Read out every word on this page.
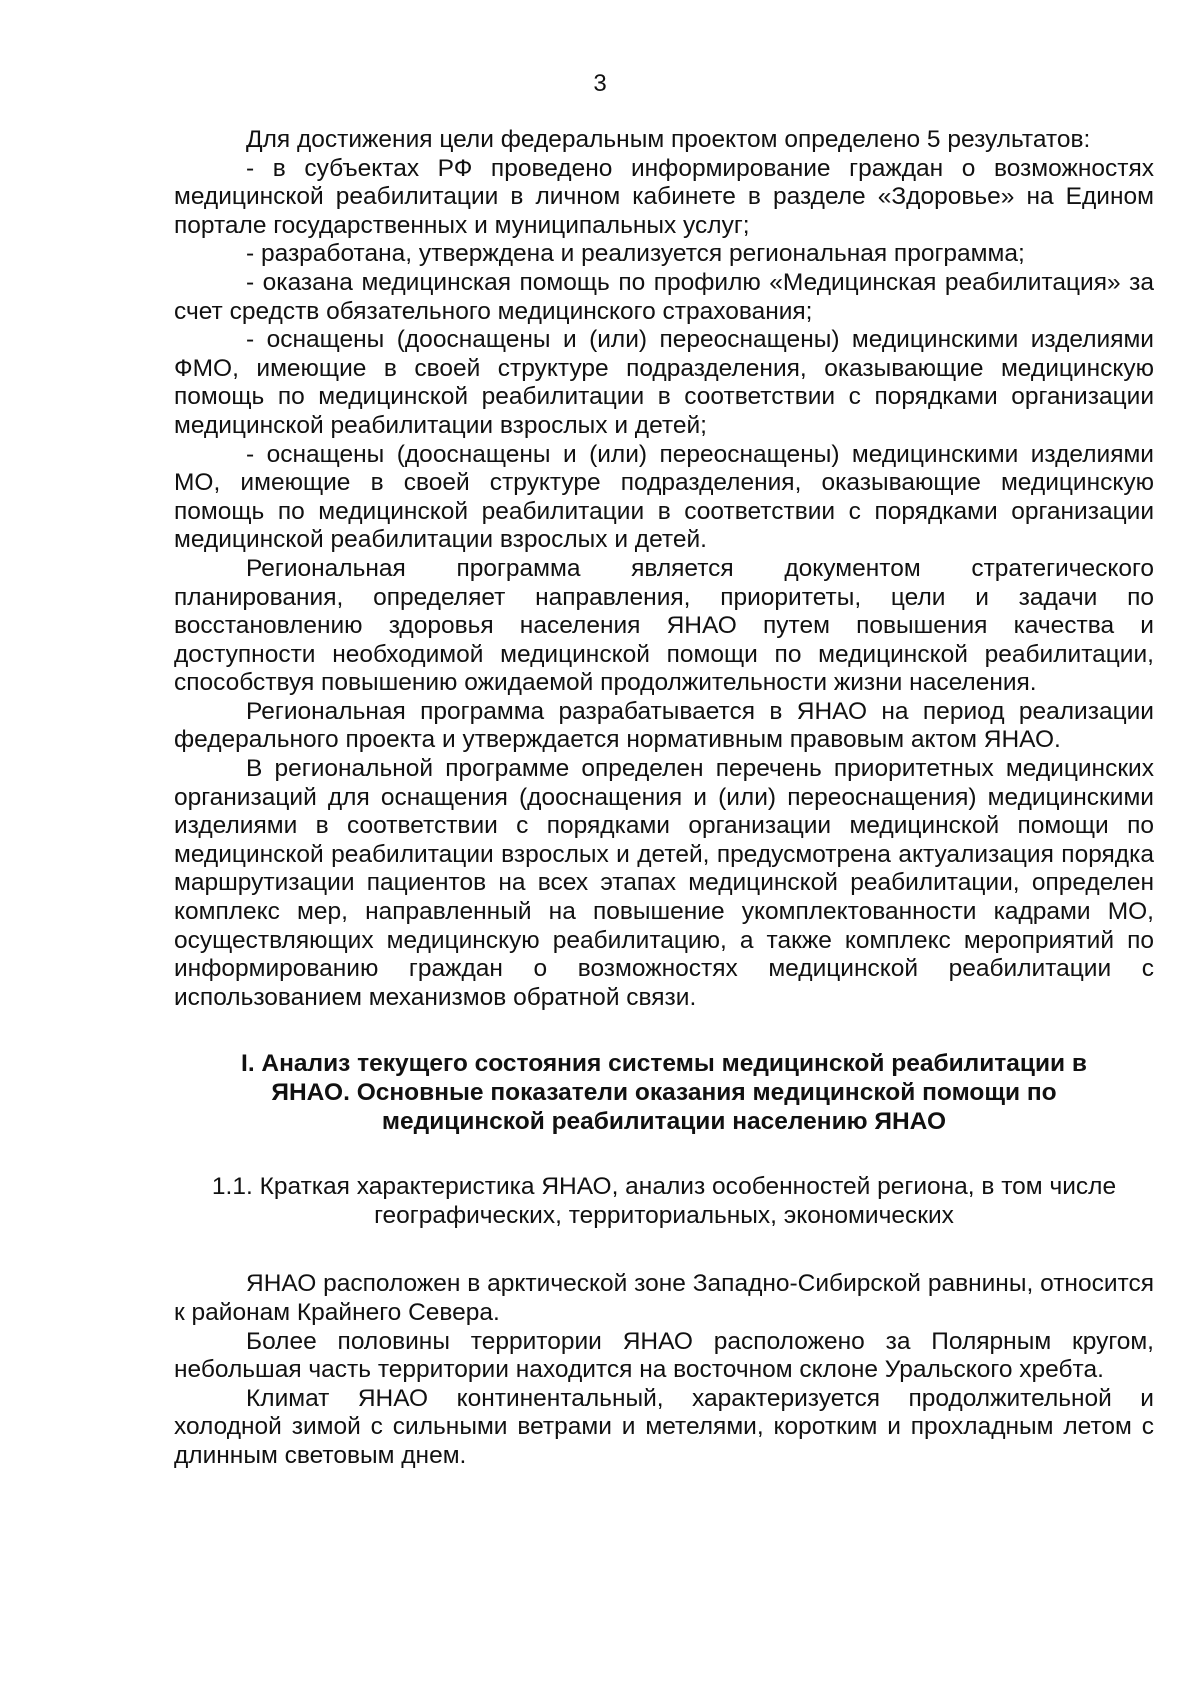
3

Для достижения цели федеральным проектом определено 5 результатов:

- в субъектах РФ проведено информирование граждан о возможностях медицинской реабилитации в личном кабинете в разделе «Здоровье» на Едином портале государственных и муниципальных услуг;

- разработана, утверждена и реализуется региональная программа;

- оказана медицинская помощь по профилю «Медицинская реабилитация» за счет средств обязательного медицинского страхования;

- оснащены (дооснащены и (или) переоснащены) медицинскими изделиями ФМО, имеющие в своей структуре подразделения, оказывающие медицинскую помощь по медицинской реабилитации в соответствии с порядками организации медицинской реабилитации взрослых и детей;

- оснащены (дооснащены и (или) переоснащены) медицинскими изделиями МО, имеющие в своей структуре подразделения, оказывающие медицинскую помощь по медицинской реабилитации в соответствии с порядками организации медицинской реабилитации взрослых и детей.

Региональная программа является документом стратегического планирования, определяет направления, приоритеты, цели и задачи по восстановлению здоровья населения ЯНАО путем повышения качества и доступности необходимой медицинской помощи по медицинской реабилитации, способствуя повышению ожидаемой продолжительности жизни населения.

Региональная программа разрабатывается в ЯНАО на период реализации федерального проекта и утверждается нормативным правовым актом ЯНАО.

В региональной программе определен перечень приоритетных медицинских организаций для оснащения (дооснащения и (или) переоснащения) медицинскими изделиями в соответствии с порядками организации медицинской помощи по медицинской реабилитации взрослых и детей, предусмотрена актуализация порядка маршрутизации пациентов на всех этапах медицинской реабилитации, определен комплекс мер, направленный на повышение укомплектованности кадрами МО, осуществляющих медицинскую реабилитацию, а также комплекс мероприятий по информированию граждан о возможностях медицинской реабилитации с использованием механизмов обратной связи.

I. Анализ текущего состояния системы медицинской реабилитации в
ЯНАО. Основные показатели оказания медицинской помощи по
медицинской реабилитации населению ЯНАО
1.1. Краткая характеристика ЯНАО, анализ особенностей региона, в том числе
географических, территориальных, экономических

ЯНАО расположен в арктической зоне Западно-Сибирской равнины, относится к районам Крайнего Севера.

Более половины территории ЯНАО расположено за Полярным кругом, небольшая часть территории находится на восточном склоне Уральского хребта.

Климат ЯНАО континентальный, характеризуется продолжительной и холодной зимой с сильными ветрами и метелями, коротким и прохладным летом с длинным световым днем.
